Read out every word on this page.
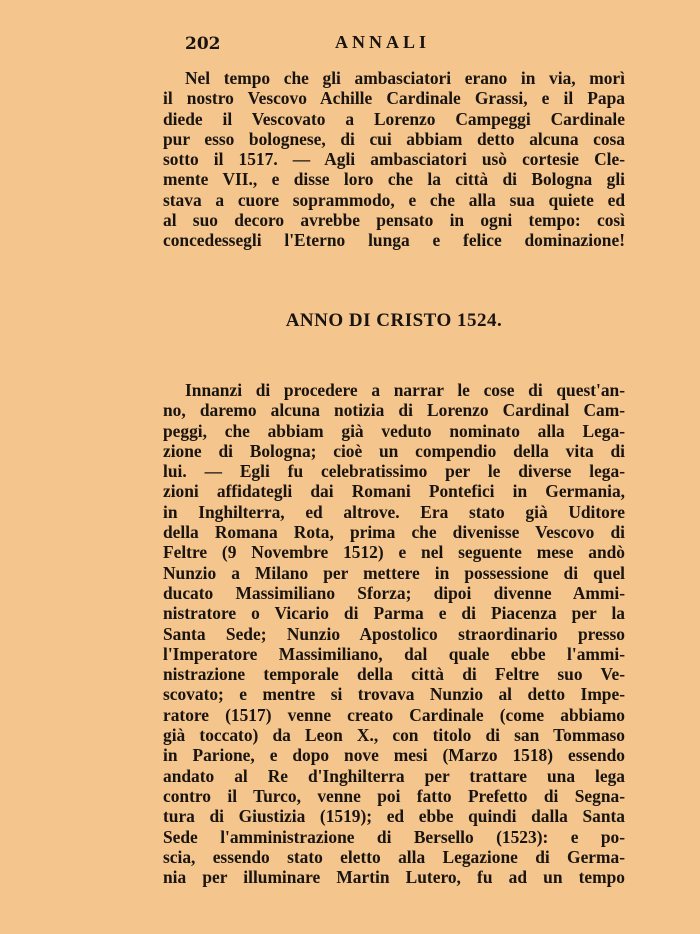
202	ANNALI
Nel tempo che gli ambasciatori erano in via, morì
il nostro Vescovo Achille Cardinale Grassi, e il Papa
diede il Vescovato a Lorenzo Campeggi Cardinale
pur esso bolognese, di cui abbiam detto alcuna cosa
sotto il 1517. — Agli ambasciatori usò cortesie Cle-
mente VII., e disse loro che la città di Bologna gli
stava a cuore soprammodo, e che alla sua quiete ed
al suo decoro avrebbe pensato in ogni tempo: così
concedessegli l'Eterno lunga e felice dominazione!
ANNO DI CRISTO 1524.
Innanzi di procedere a narrar le cose di quest'an-
no, daremo alcuna notizia di Lorenzo Cardinal Cam-
peggi, che abbiam già veduto nominato alla Lega-
zione di Bologna; cioè un compendio della vita di
lui. — Egli fu celebratissimo per le diverse lega-
zioni affidategli dai Romani Pontefici in Germania,
in Inghilterra, ed altrove. Era stato già Uditore
della Romana Rota, prima che divenisse Vescovo di
Feltre (9 Novembre 1512) e nel seguente mese andò
Nunzio a Milano per mettere in possessione di quel
ducato Massimiliano Sforza; dipoi divenne Ammi-
nistratore o Vicario di Parma e di Piacenza per la
Santa Sede; Nunzio Apostolico straordinario presso
l'Imperatore Massimiliano, dal quale ebbe l'ammi-
nistrazione temporale della città di Feltre suo Ve-
scovato; e mentre si trovava Nunzio al detto Impe-
ratore (1517) venne creato Cardinale (come abbiamo
già toccato) da Leon X., con titolo di san Tommaso
in Parione, e dopo nove mesi (Marzo 1518) essendo
andato al Re d'Inghilterra per trattare una lega
contro il Turco, venne poi fatto Prefetto di Segna-
tura di Giustizia (1519); ed ebbe quindi dalla Santa
Sede l'amministrazione di Bersello (1523): e po-
scia, essendo stato eletto alla Legazione di Germa-
nia per illuminare Martin Lutero, fu ad un tempo
